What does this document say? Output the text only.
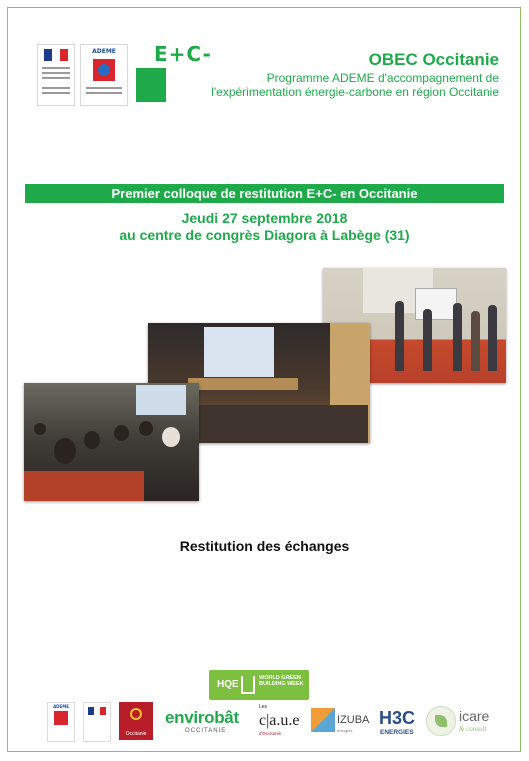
ADEME	E+C-	OBEC Occitanie
Programme ADEME d'accompagnement de l'expérimentation énergie-carbone en région Occitanie
Premier colloque de restitution E+C- en Occitanie
Jeudi 27 septembre 2018
au centre de congrès Diagora à Labège (31)
Restitution des échanges
HQE
WORLD GREEN BUILDING WEEK
ADEME
Occitanie
envirobât
OCCITANIE
Les
c|a.u.e
d'Occitanie
IZUBA
énergies
H3C
ENERGIES
icare
& consult
